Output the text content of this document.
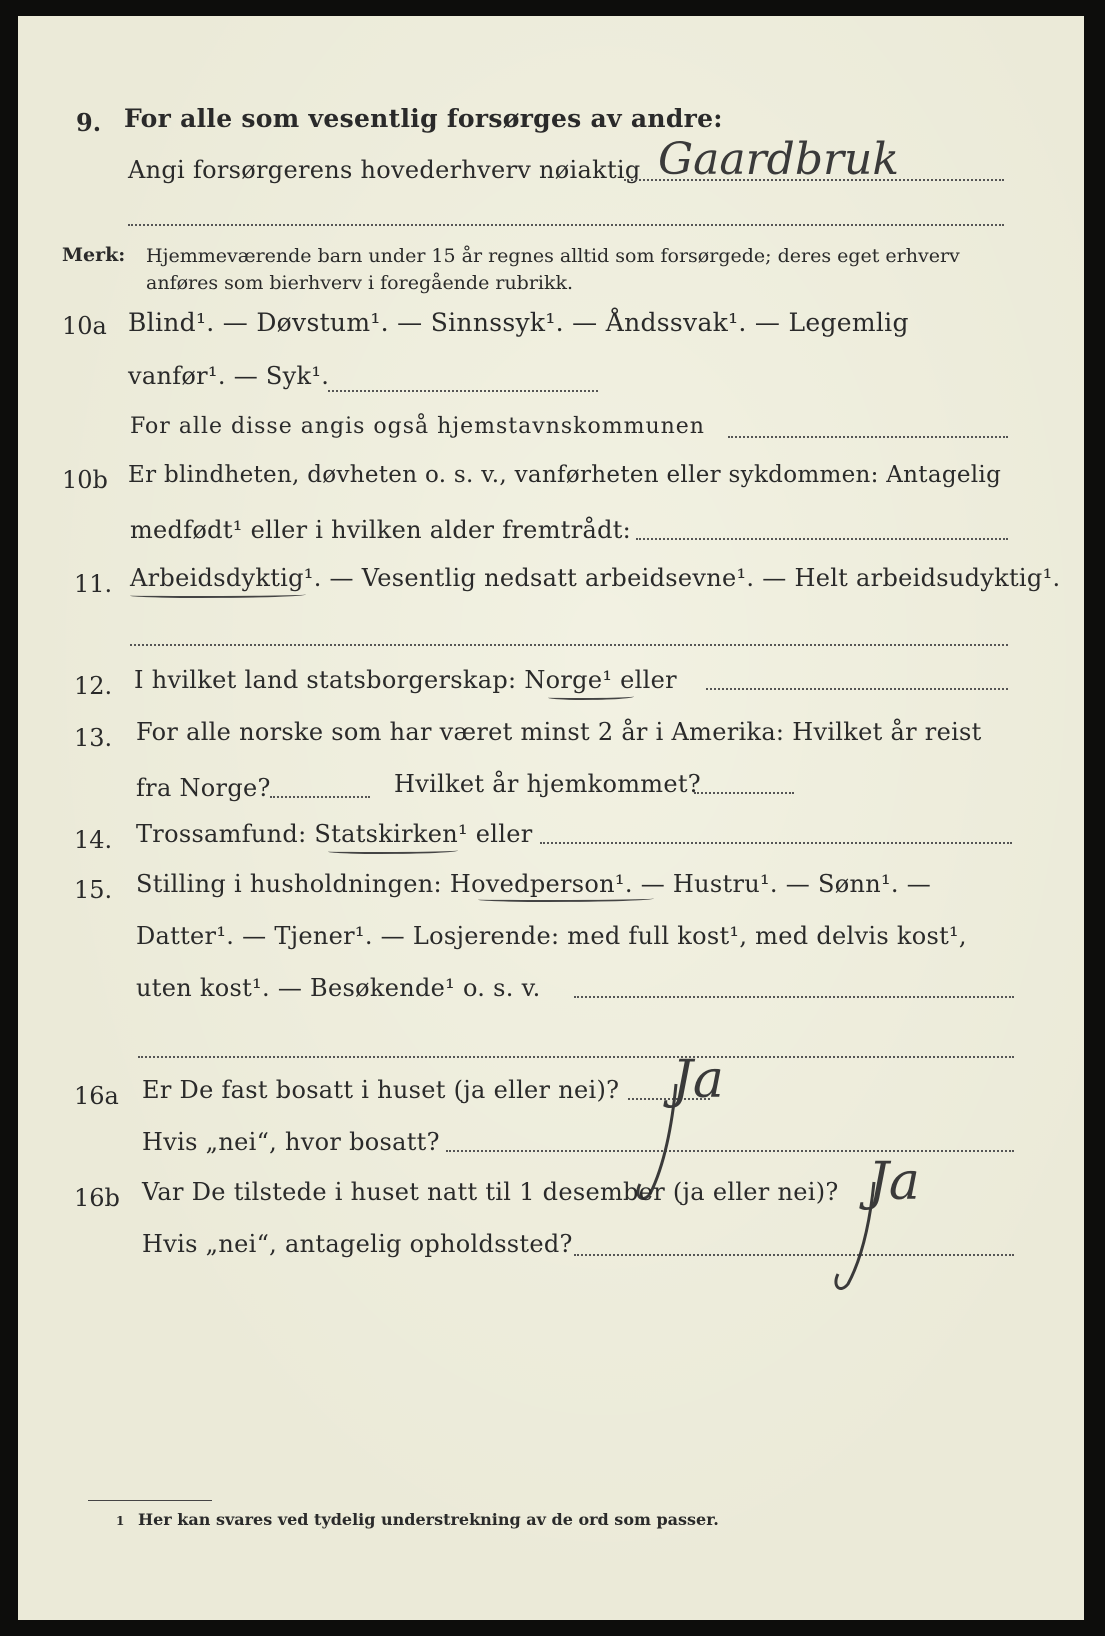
9. For alle som vesentlig forsørges av andre:
Angi forsørgerens hovederhverv nøiaktig Gaardbruk
Merk: Hjemmeværende barn under 15 år regnes alltid som forsørgede; deres eget erhverv
anføres som bierhverv i foregående rubrikk.
10a Blind¹. — Døvstum¹. — Sinnssyk¹. — Åndssvak¹. — Legemlig
vanfør¹. — Syk¹.
For alle disse angis også hjemstavnskommunen
10b Er blindheten, døvheten o. s. v., vanførheten eller sykdommen: Antagelig
medfødt¹ eller i hvilken alder fremtrådt:
11. Arbeidsdyktig¹. — Vesentlig nedsatt arbeidsevne¹. — Helt arbeidsudyktig¹.
12. I hvilket land statsborgerskap: Norge¹ eller
13. For alle norske som har været minst 2 år i Amerika: Hvilket år reist
fra Norge?	Hvilket år hjemkommet?
14. Trossamfund: Statskirken¹ eller
15. Stilling i husholdningen: Hovedperson¹. — Hustru¹. — Sønn¹. —
Datter¹. — Tjener¹. — Losjerende: med full kost¹, med delvis kost¹,
uten kost¹. — Besøkende¹ o. s. v.
16a Er De fast bosatt i huset (ja eller nei)? Ja
Hvis „nei“, hvor bosatt?
16b Var De tilstede i huset natt til 1 desember (ja eller nei)? Ja
Hvis „nei“, antagelig opholdssted?
1 Her kan svares ved tydelig understrekning av de ord som passer.
